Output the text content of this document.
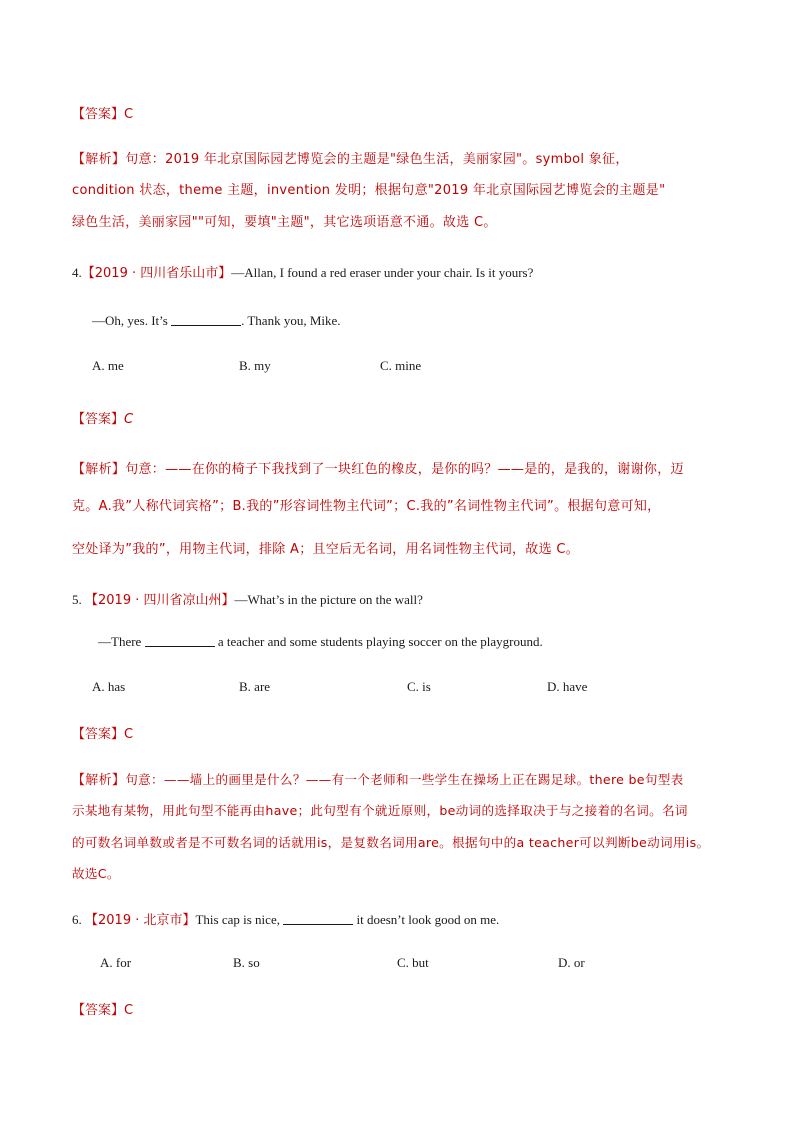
【答案】C
【解析】句意：2019 年北京国际园艺博览会的主题是"绿色生活，美丽家园"。symbol 象征，
condition 状态，theme 主题，invention 发明；根据句意"2019 年北京国际园艺博览会的主题是"
绿色生活，美丽家园""可知，要填"主题"，其它选项语意不通。故选 C。
4.【2019 · 四川省乐山市】—Allan, I found a red eraser under your chair. Is it yours?
—Oh, yes. It’s	. Thank you, Mike.
A. me	B. my	C. mine
【答案】C
【解析】句意：——在你的椅子下我找到了一块红色的橡皮，是你的吗？——是的，是我的，谢谢你，迈
克。A.我”人称代词宾格”；B.我的”形容词性物主代词”；C.我的”名词性物主代词”。根据句意可知，
空处译为”我的”，用物主代词，排除 A；且空后无名词，用名词性物主代词，故选 C。
5. 【2019 · 四川省凉山州】—What’s in the picture on the wall?
—There	a teacher and some students playing soccer on the playground.
A. has	B. are	C. is	D. have
【答案】C
【解析】句意：——墙上的画里是什么？——有一个老师和一些学生在操场上正在踢足球。there be句型表
示某地有某物，用此句型不能再由have；此句型有个就近原则，be动词的选择取决于与之接着的名词。名词
的可数名词单数或者是不可数名词的话就用is，是复数名词用are。根据句中的a teacher可以判断be动词用is。
故选C。
6. 【2019 · 北京市】This cap is nice,	it doesn’t look good on me.
A. for	B. so	C. but	D. or
【答案】C
